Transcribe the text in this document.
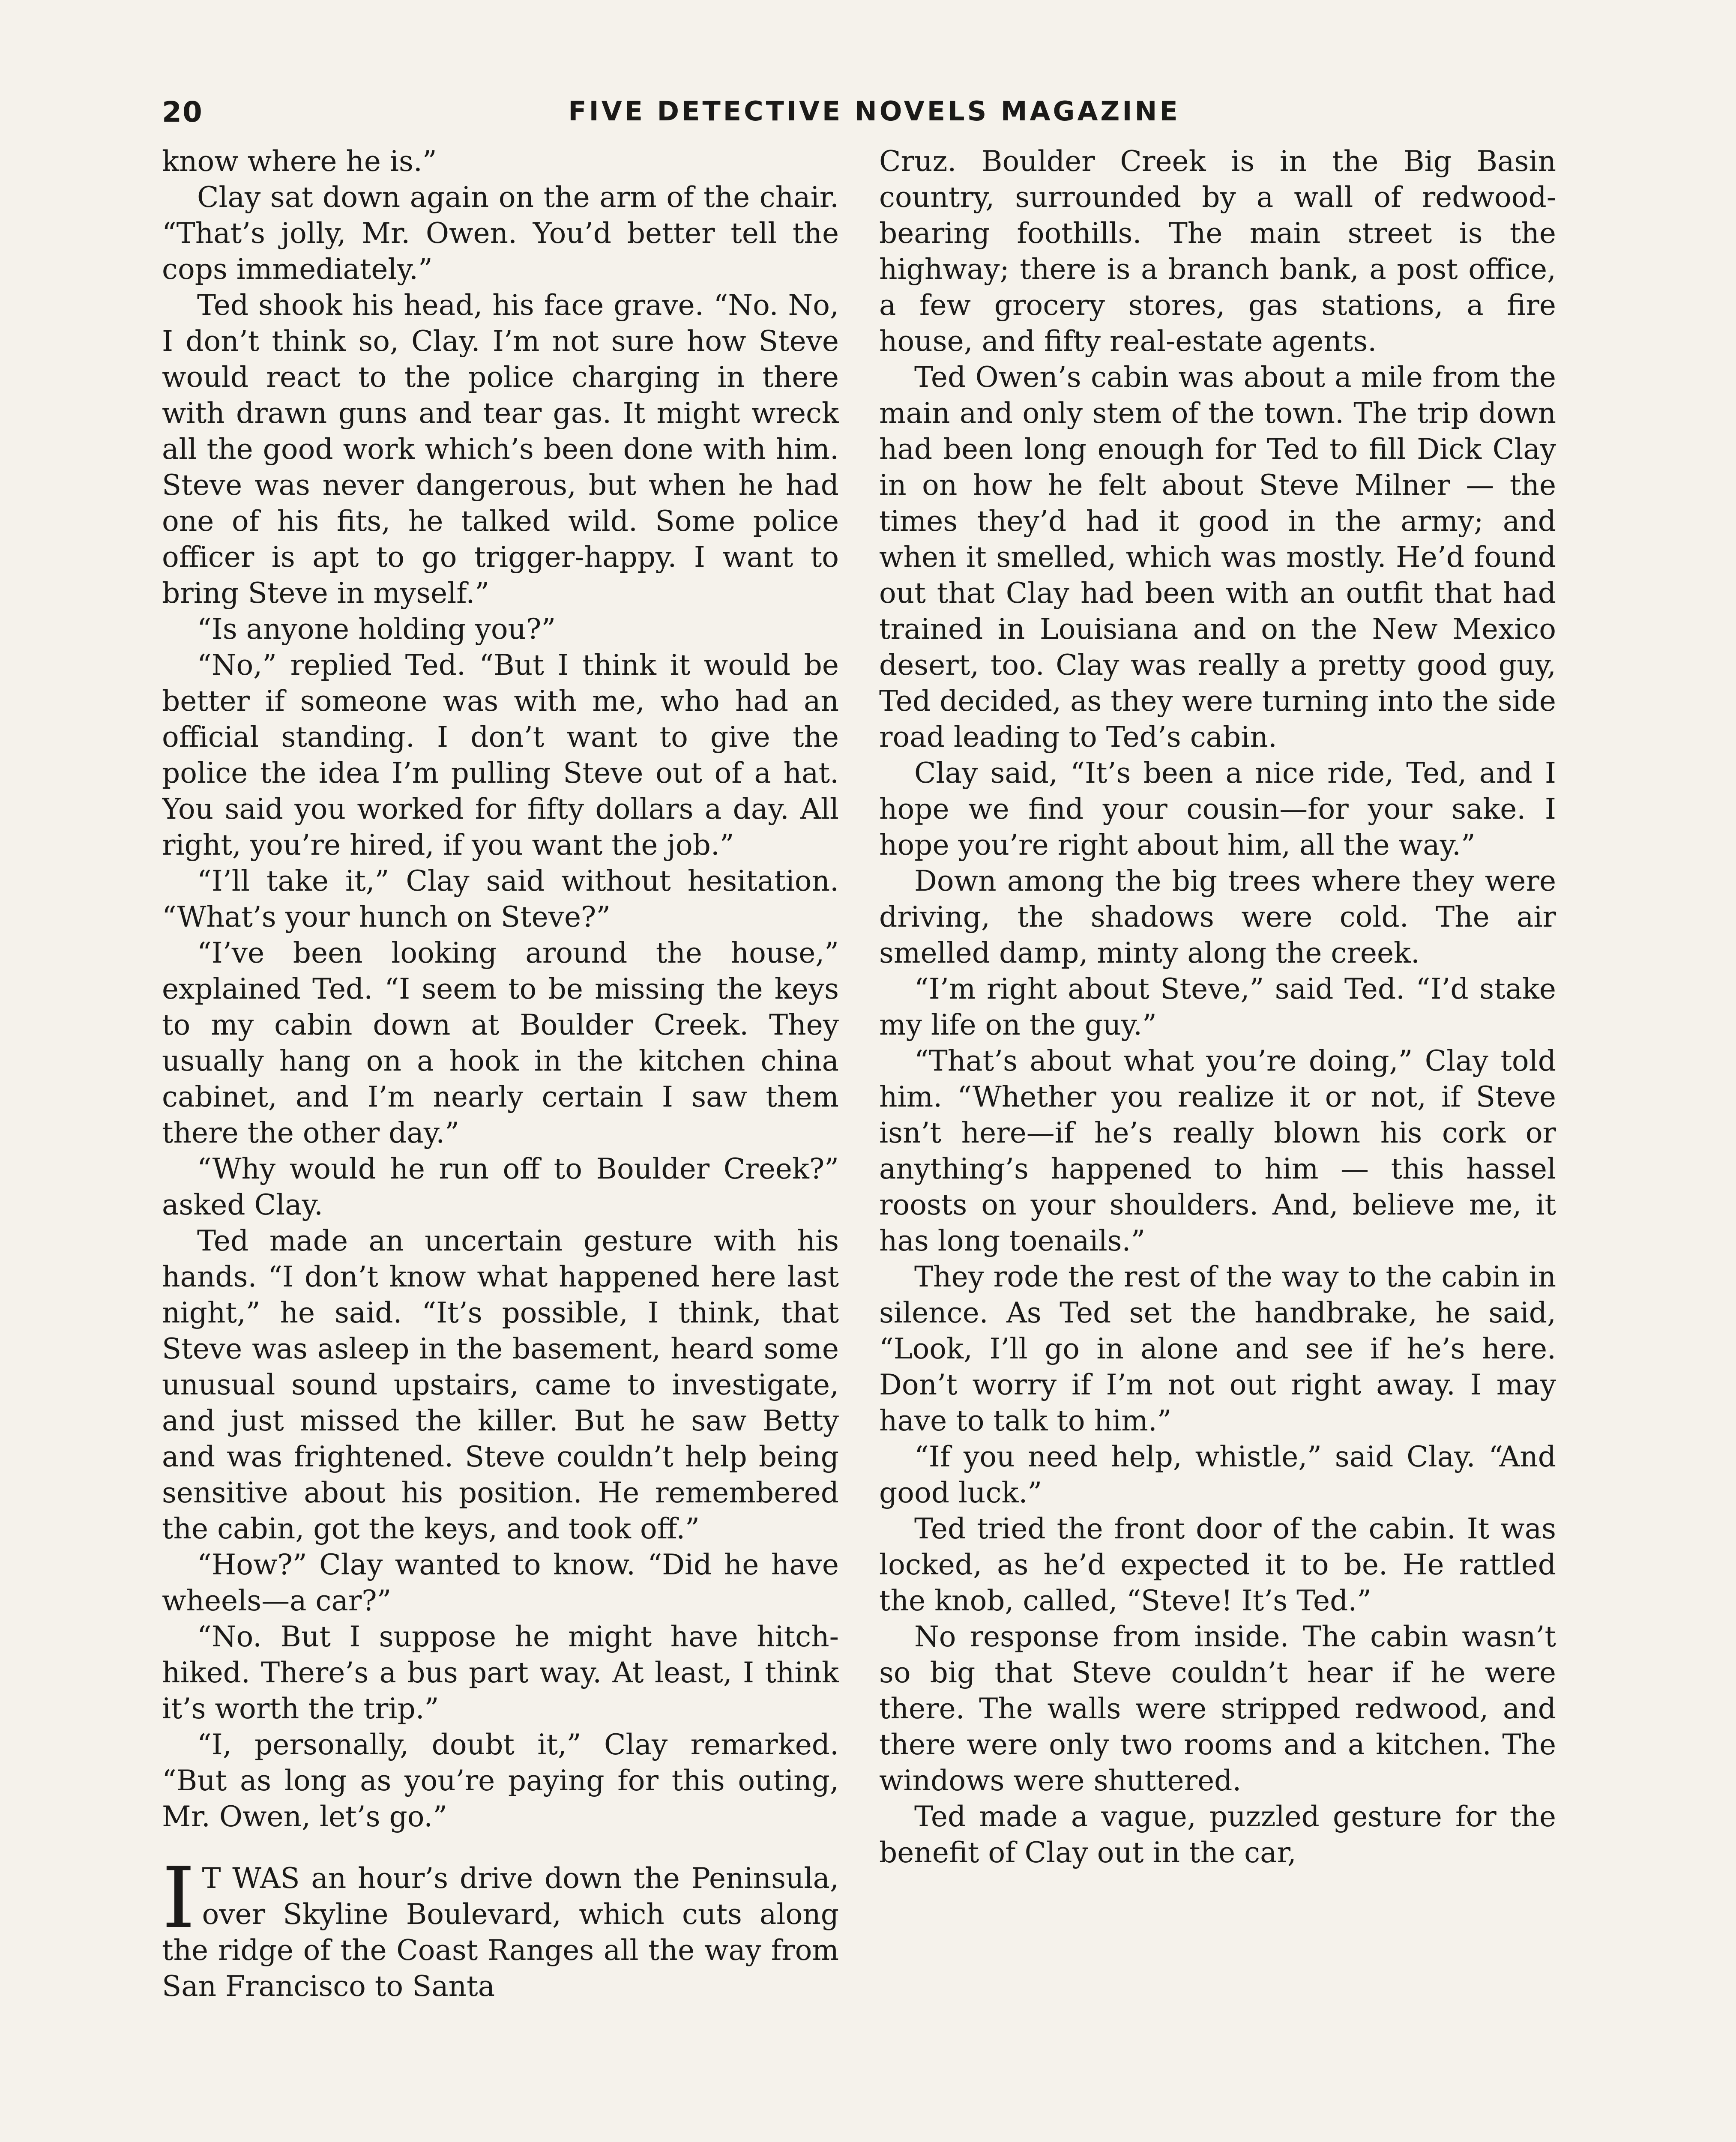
20	FIVE DETECTIVE NOVELS MAGAZINE

know where he is.”

Clay sat down again on the arm of the chair. “That’s jolly, Mr. Owen. You’d better tell the cops immediately.”

Ted shook his head, his face grave. “No. No, I don’t think so, Clay. I’m not sure how Steve would react to the police charging in there with drawn guns and tear gas. It might wreck all the good work which’s been done with him. Steve was never dangerous, but when he had one of his fits, he talked wild. Some police officer is apt to go trigger-happy. I want to bring Steve in myself.”

“Is anyone holding you?”

“No,” replied Ted. “But I think it would be better if someone was with me, who had an official standing. I don’t want to give the police the idea I’m pulling Steve out of a hat. You said you worked for fifty dollars a day. All right, you’re hired, if you want the job.”

“I’ll take it,” Clay said without hesitation. “What’s your hunch on Steve?”

“I’ve been looking around the house,” explained Ted. “I seem to be missing the keys to my cabin down at Boulder Creek. They usually hang on a hook in the kitchen china cabinet, and I’m nearly certain I saw them there the other day.”

“Why would he run off to Boulder Creek?” asked Clay.

Ted made an uncertain gesture with his hands. “I don’t know what happened here last night,” he said. “It’s possible, I think, that Steve was asleep in the basement, heard some unusual sound upstairs, came to investigate, and just missed the killer. But he saw Betty and was frightened. Steve couldn’t help being sensitive about his position. He remembered the cabin, got the keys, and took off.”

“How?” Clay wanted to know. “Did he have wheels—a car?”

“No. But I suppose he might have hitch-hiked. There’s a bus part way. At least, I think it’s worth the trip.”

“I, personally, doubt it,” Clay remarked. “But as long as you’re paying for this outing, Mr. Owen, let’s go.”

I T WAS an hour’s drive down the Peninsula, over Skyline Boulevard, which cuts along the ridge of the Coast Ranges all the way from San Francisco to Santa

Cruz. Boulder Creek is in the Big Basin country, surrounded by a wall of redwood-bearing foothills. The main street is the highway; there is a branch bank, a post office, a few grocery stores, gas stations, a fire house, and fifty real-estate agents.

Ted Owen’s cabin was about a mile from the main and only stem of the town. The trip down had been long enough for Ted to fill Dick Clay in on how he felt about Steve Milner — the times they’d had it good in the army; and when it smelled, which was mostly. He’d found out that Clay had been with an outfit that had trained in Louisiana and on the New Mexico desert, too. Clay was really a pretty good guy, Ted decided, as they were turning into the side road leading to Ted’s cabin.

Clay said, “It’s been a nice ride, Ted, and I hope we find your cousin—for your sake. I hope you’re right about him, all the way.”

Down among the big trees where they were driving, the shadows were cold. The air smelled damp, minty along the creek.

“I’m right about Steve,” said Ted. “I’d stake my life on the guy.”

“That’s about what you’re doing,” Clay told him. “Whether you realize it or not, if Steve isn’t here—if he’s really blown his cork or anything’s happened to him — this hassel roosts on your shoulders. And, believe me, it has long toenails.”

They rode the rest of the way to the cabin in silence. As Ted set the handbrake, he said, “Look, I’ll go in alone and see if he’s here. Don’t worry if I’m not out right away. I may have to talk to him.”

“If you need help, whistle,” said Clay. “And good luck.”

Ted tried the front door of the cabin. It was locked, as he’d expected it to be. He rattled the knob, called, “Steve! It’s Ted.”

No response from inside. The cabin wasn’t so big that Steve couldn’t hear if he were there. The walls were stripped redwood, and there were only two rooms and a kitchen. The windows were shuttered.

Ted made a vague, puzzled gesture for the benefit of Clay out in the car,
